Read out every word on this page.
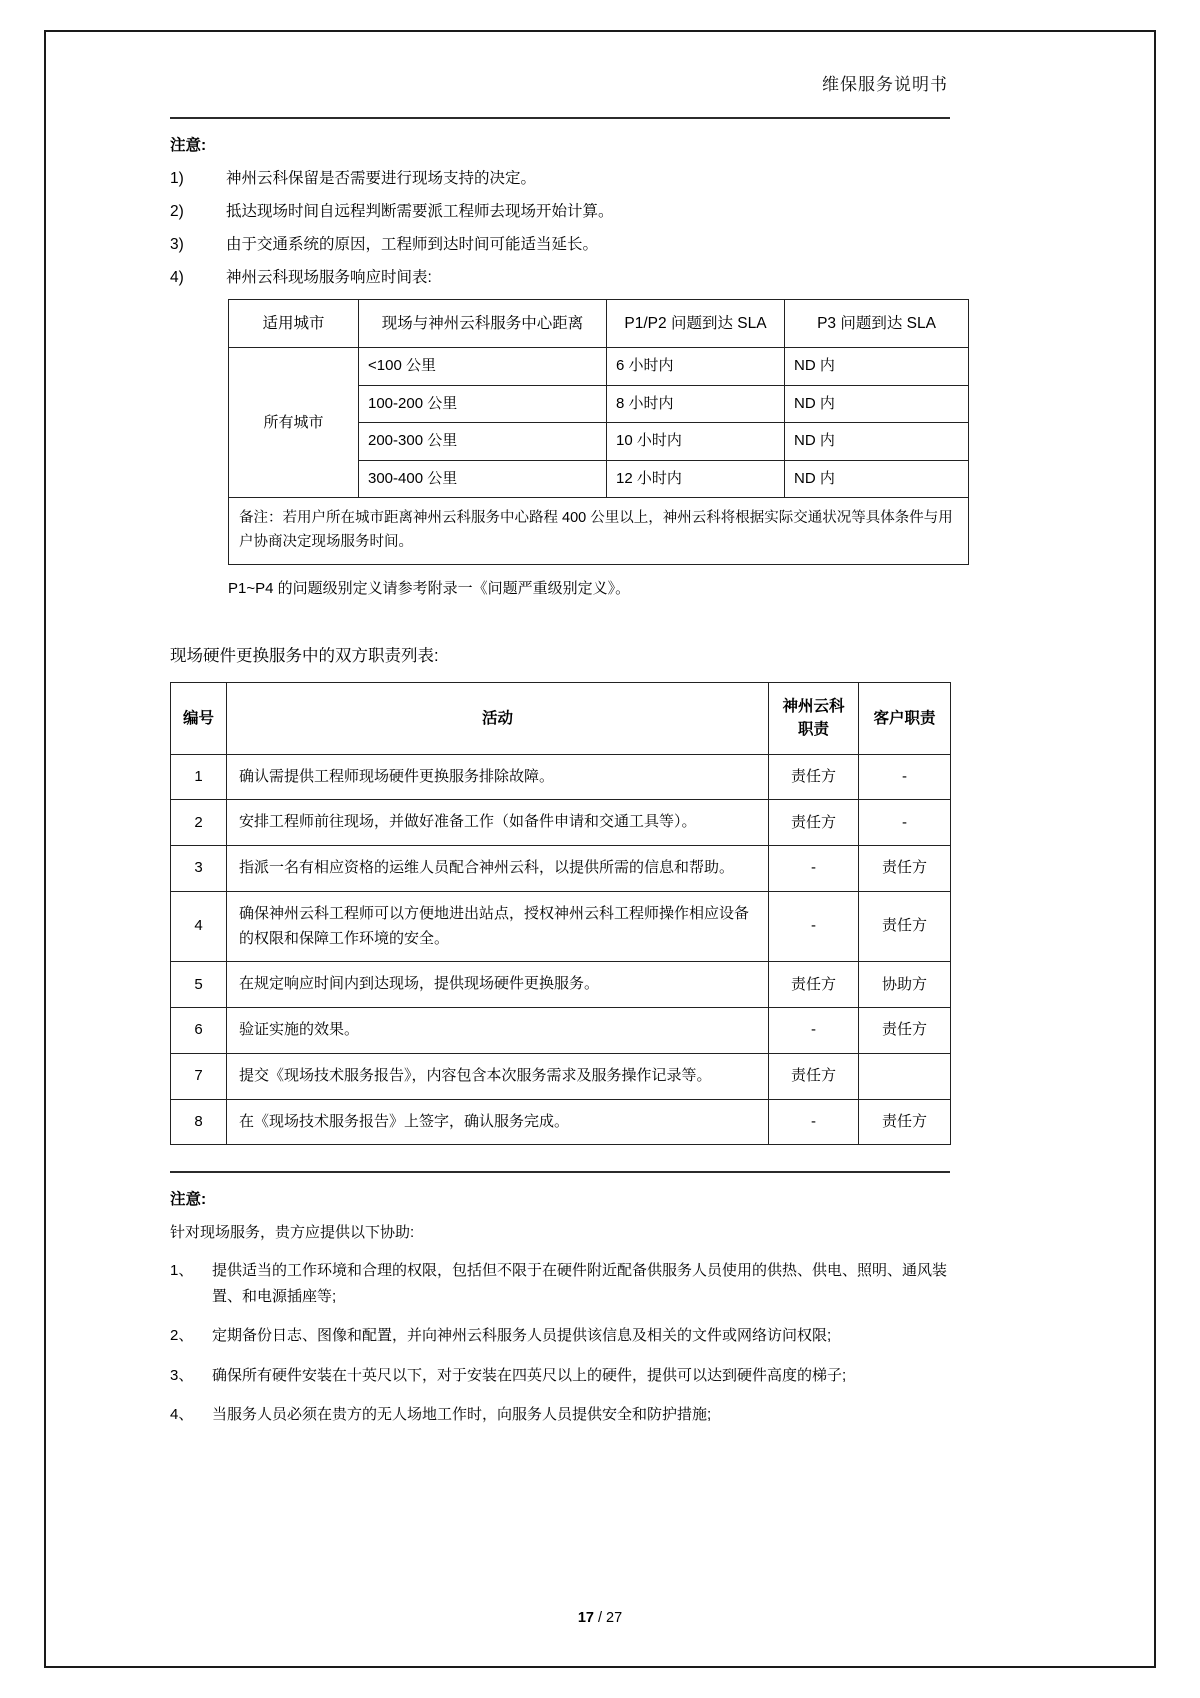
维保服务说明书
注意:
1)	神州云科保留是否需要进行现场支持的决定。
2)	抵达现场时间自远程判断需要派工程师去现场开始计算。
3)	由于交通系统的原因，工程师到达时间可能适当延长。
4)	神州云科现场服务响应时间表:
适用城市	现场与神州云科服务中心距离	P1/P2 问题到达 SLA	P3 问题到达 SLA
所有城市	<100 公里	6 小时内	ND 内
	100-200 公里	8 小时内	ND 内
	200-300 公里	10 小时内	ND 内
	300-400 公里	12 小时内	ND 内
备注：若用户所在城市距离神州云科服务中心路程 400 公里以上，神州云科将根据实际交通状况等具体条件与用户协商决定现场服务时间。			
P1~P4 的问题级别定义请参考附录一《问题严重级别定义》。
现场硬件更换服务中的双方职责列表:
编号	活动	神州云科职责	客户职责
1	确认需提供工程师现场硬件更换服务排除故障。	责任方	-
2	安排工程师前往现场，并做好准备工作（如备件申请和交通工具等）。	责任方	-
3	指派一名有相应资格的运维人员配合神州云科，以提供所需的信息和帮助。	-	责任方
4	确保神州云科工程师可以方便地进出站点，授权神州云科工程师操作相应设备的权限和保障工作环境的安全。	-	责任方
5	在规定响应时间内到达现场，提供现场硬件更换服务。	责任方	协助方
6	验证实施的效果。	-	责任方
7	提交《现场技术服务报告》，内容包含本次服务需求及服务操作记录等。	责任方	
8	在《现场技术服务报告》上签字，确认服务完成。	-	责任方
注意:
针对现场服务，贵方应提供以下协助:
1、	提供适当的工作环境和合理的权限，包括但不限于在硬件附近配备供服务人员使用的供热、供电、照明、通风装置、和电源插座等;
2、	定期备份日志、图像和配置，并向神州云科服务人员提供该信息及相关的文件或网络访问权限;
3、	确保所有硬件安装在十英尺以下，对于安装在四英尺以上的硬件，提供可以达到硬件高度的梯子;
4、	当服务人员必须在贵方的无人场地工作时，向服务人员提供安全和防护措施;
17 / 27
